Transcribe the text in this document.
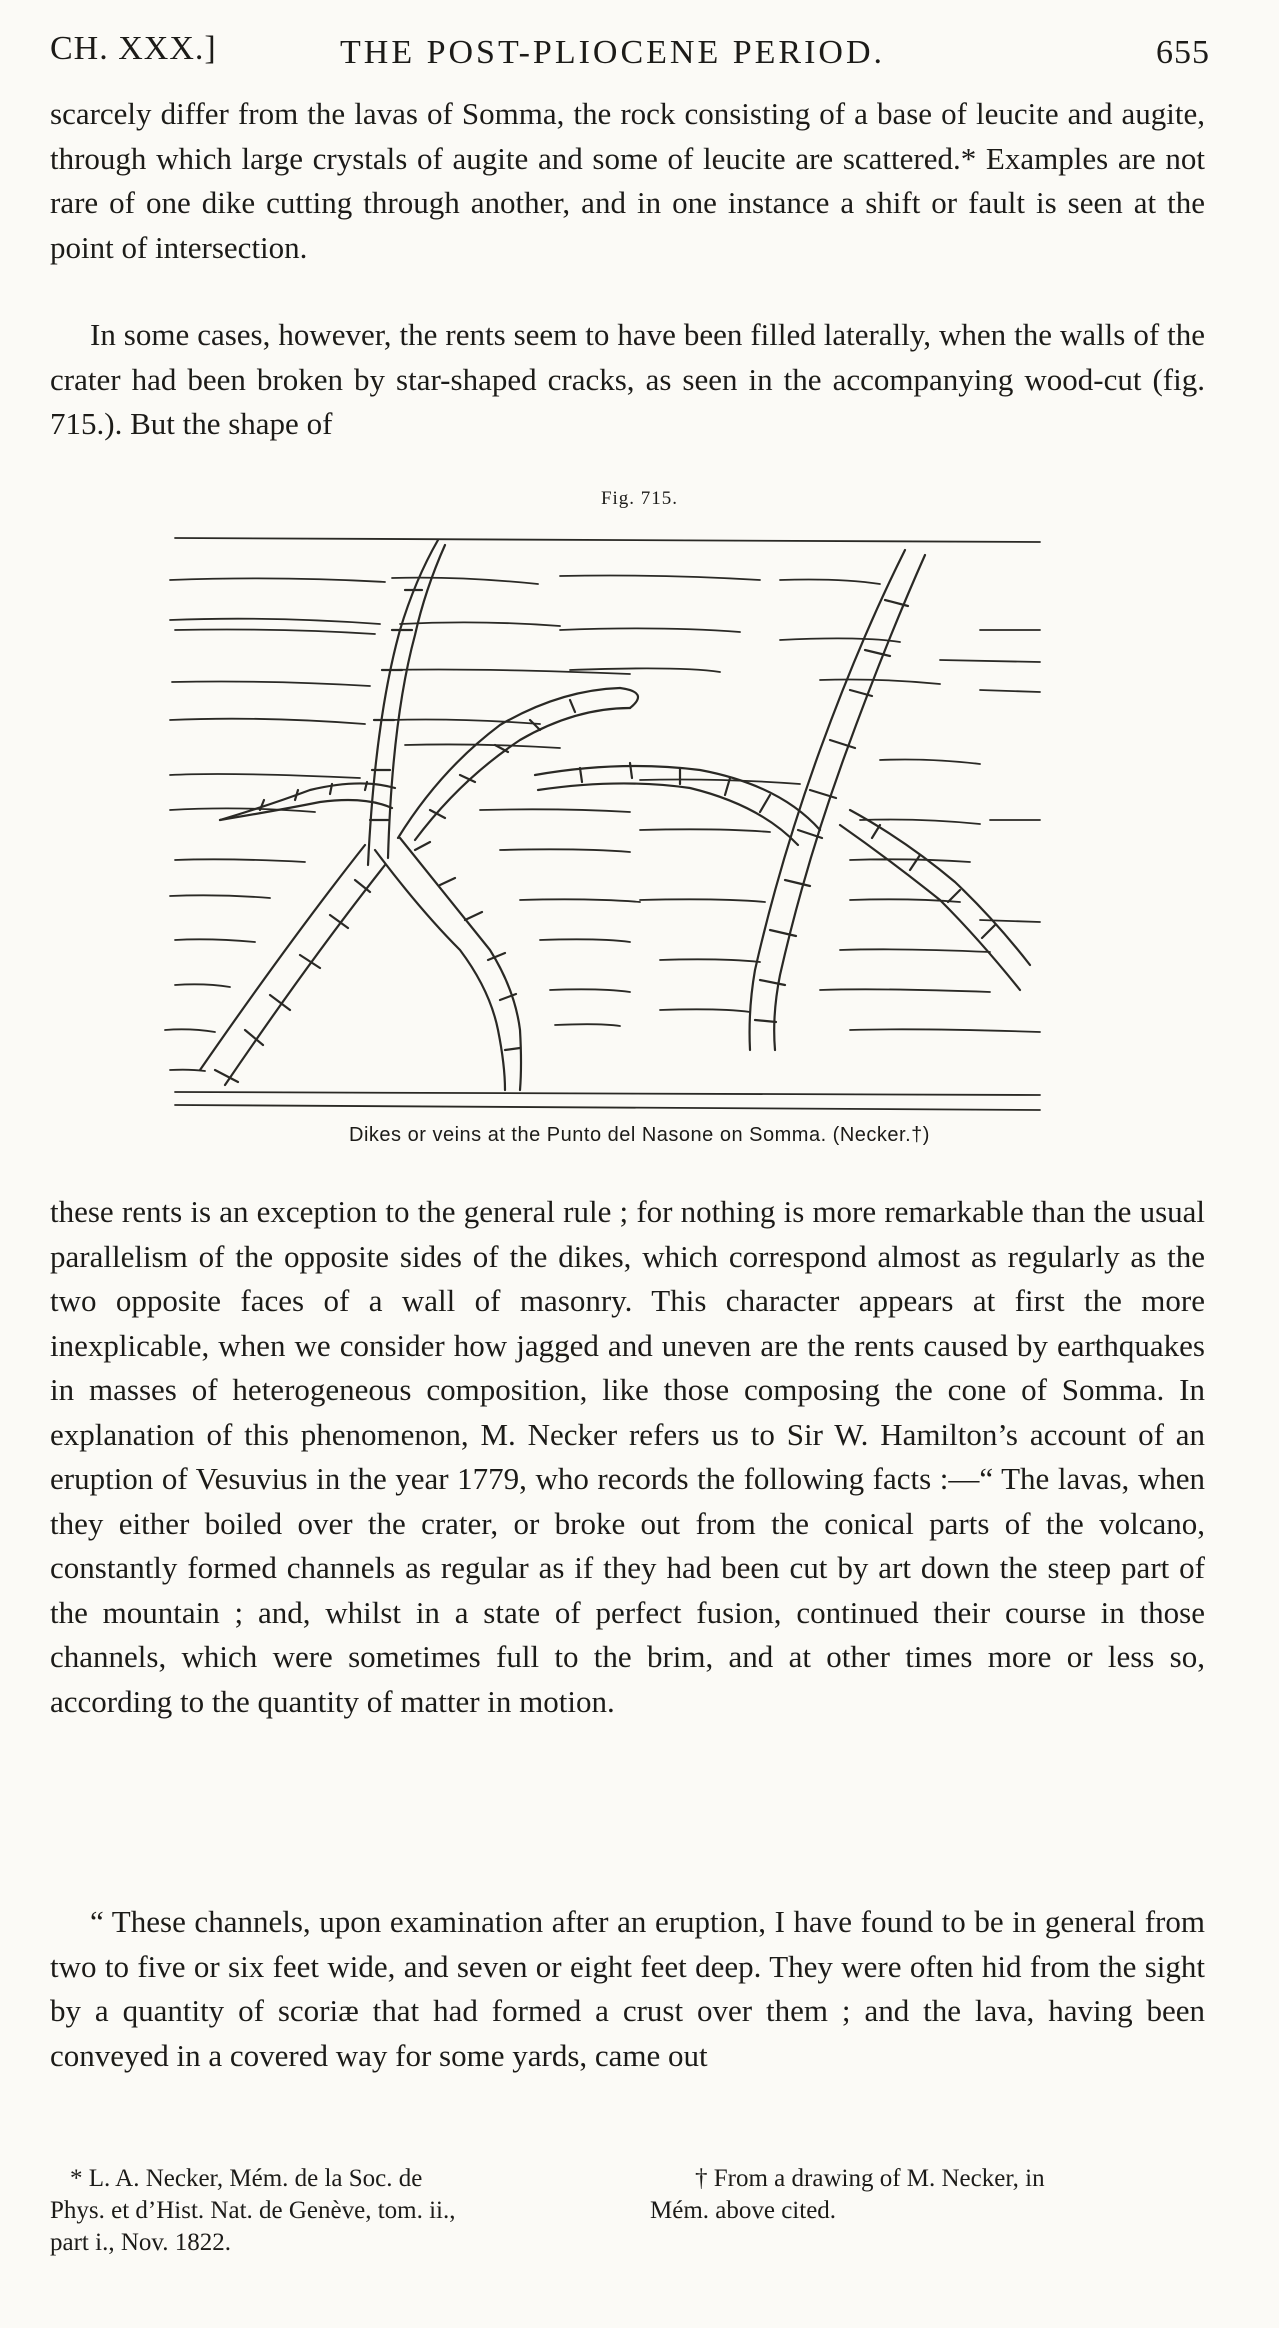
CH. XXX.]	THE POST-PLIOCENE PERIOD.	655

scarcely differ from the lavas of Somma, the rock consisting of a base of leucite and augite, through which large crystals of augite and some of leucite are scattered.* Examples are not rare of one dike cutting through another, and in one instance a shift or fault is seen at the point of intersection.

In some cases, however, the rents seem to have been filled laterally, when the walls of the crater had been broken by star-shaped cracks, as seen in the accompanying wood-cut (fig. 715.). But the shape of

Fig. 715.
Dikes or veins at the Punto del Nasone on Somma. (Necker.†)

these rents is an exception to the general rule ; for nothing is more remarkable than the usual parallelism of the opposite sides of the dikes, which correspond almost as regularly as the two opposite faces of a wall of masonry. This character appears at first the more inexplicable, when we consider how jagged and uneven are the rents caused by earthquakes in masses of heterogeneous composition, like those composing the cone of Somma. In explanation of this phenomenon, M. Necker refers us to Sir W. Hamilton’s account of an eruption of Vesuvius in the year 1779, who records the following facts :—“ The lavas, when they either boiled over the crater, or broke out from the conical parts of the volcano, constantly formed channels as regular as if they had been cut by art down the steep part of the mountain ; and, whilst in a state of perfect fusion, continued their course in those channels, which were sometimes full to the brim, and at other times more or less so, according to the quantity of matter in motion.

“ These channels, upon examination after an eruption, I have found to be in general from two to five or six feet wide, and seven or eight feet deep. They were often hid from the sight by a quantity of scoriæ that had formed a crust over them ; and the lava, having been conveyed in a covered way for some yards, came out

* L. A. Necker, Mém. de la Soc. de
Phys. et d’Hist. Nat. de Genève, tom. ii.,
part i., Nov. 1822.
† From a drawing of M. Necker, in
Mém. above cited.
